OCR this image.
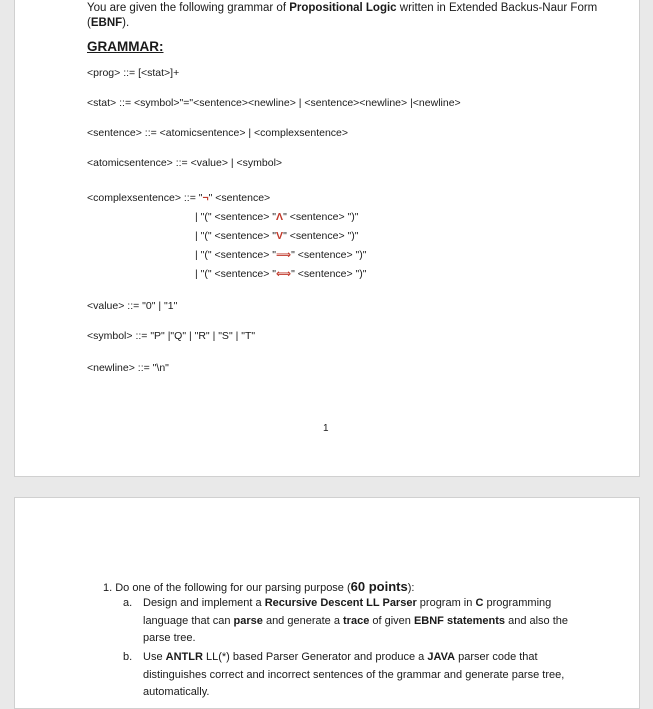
You are given the following grammar of Propositional Logic written in Extended Backus-Naur Form (EBNF).
GRAMMAR:
<prog> ::= [<stat>]+
<stat> ::= <symbol>"="<sentence><newline> | <sentence><newline> |<newline>
<sentence> ::= <atomicsentence> | <complexsentence>
<atomicsentence> ::= <value> | <symbol>
<complexsentence> ::= "¬" <sentence>
| "(" <sentence> "Λ" <sentence> ")"
| "(" <sentence> "V" <sentence> ")"
| "(" <sentence> "⟹" <sentence> ")"
| "(" <sentence> "⟺" <sentence> ")"
<value> ::= "0" | "1"
<symbol> ::= "P" |"Q" | "R" | "S" | "T"
<newline> ::= "\n"
1
1. Do one of the following for our parsing purpose (60 points):
a. Design and implement a Recursive Descent LL Parser program in C programming language that can parse and generate a trace of given EBNF statements and also the parse tree.
b. Use ANTLR LL(*) based Parser Generator and produce a JAVA parser code that distinguishes correct and incorrect sentences of the grammar and generate parse tree, automatically.
